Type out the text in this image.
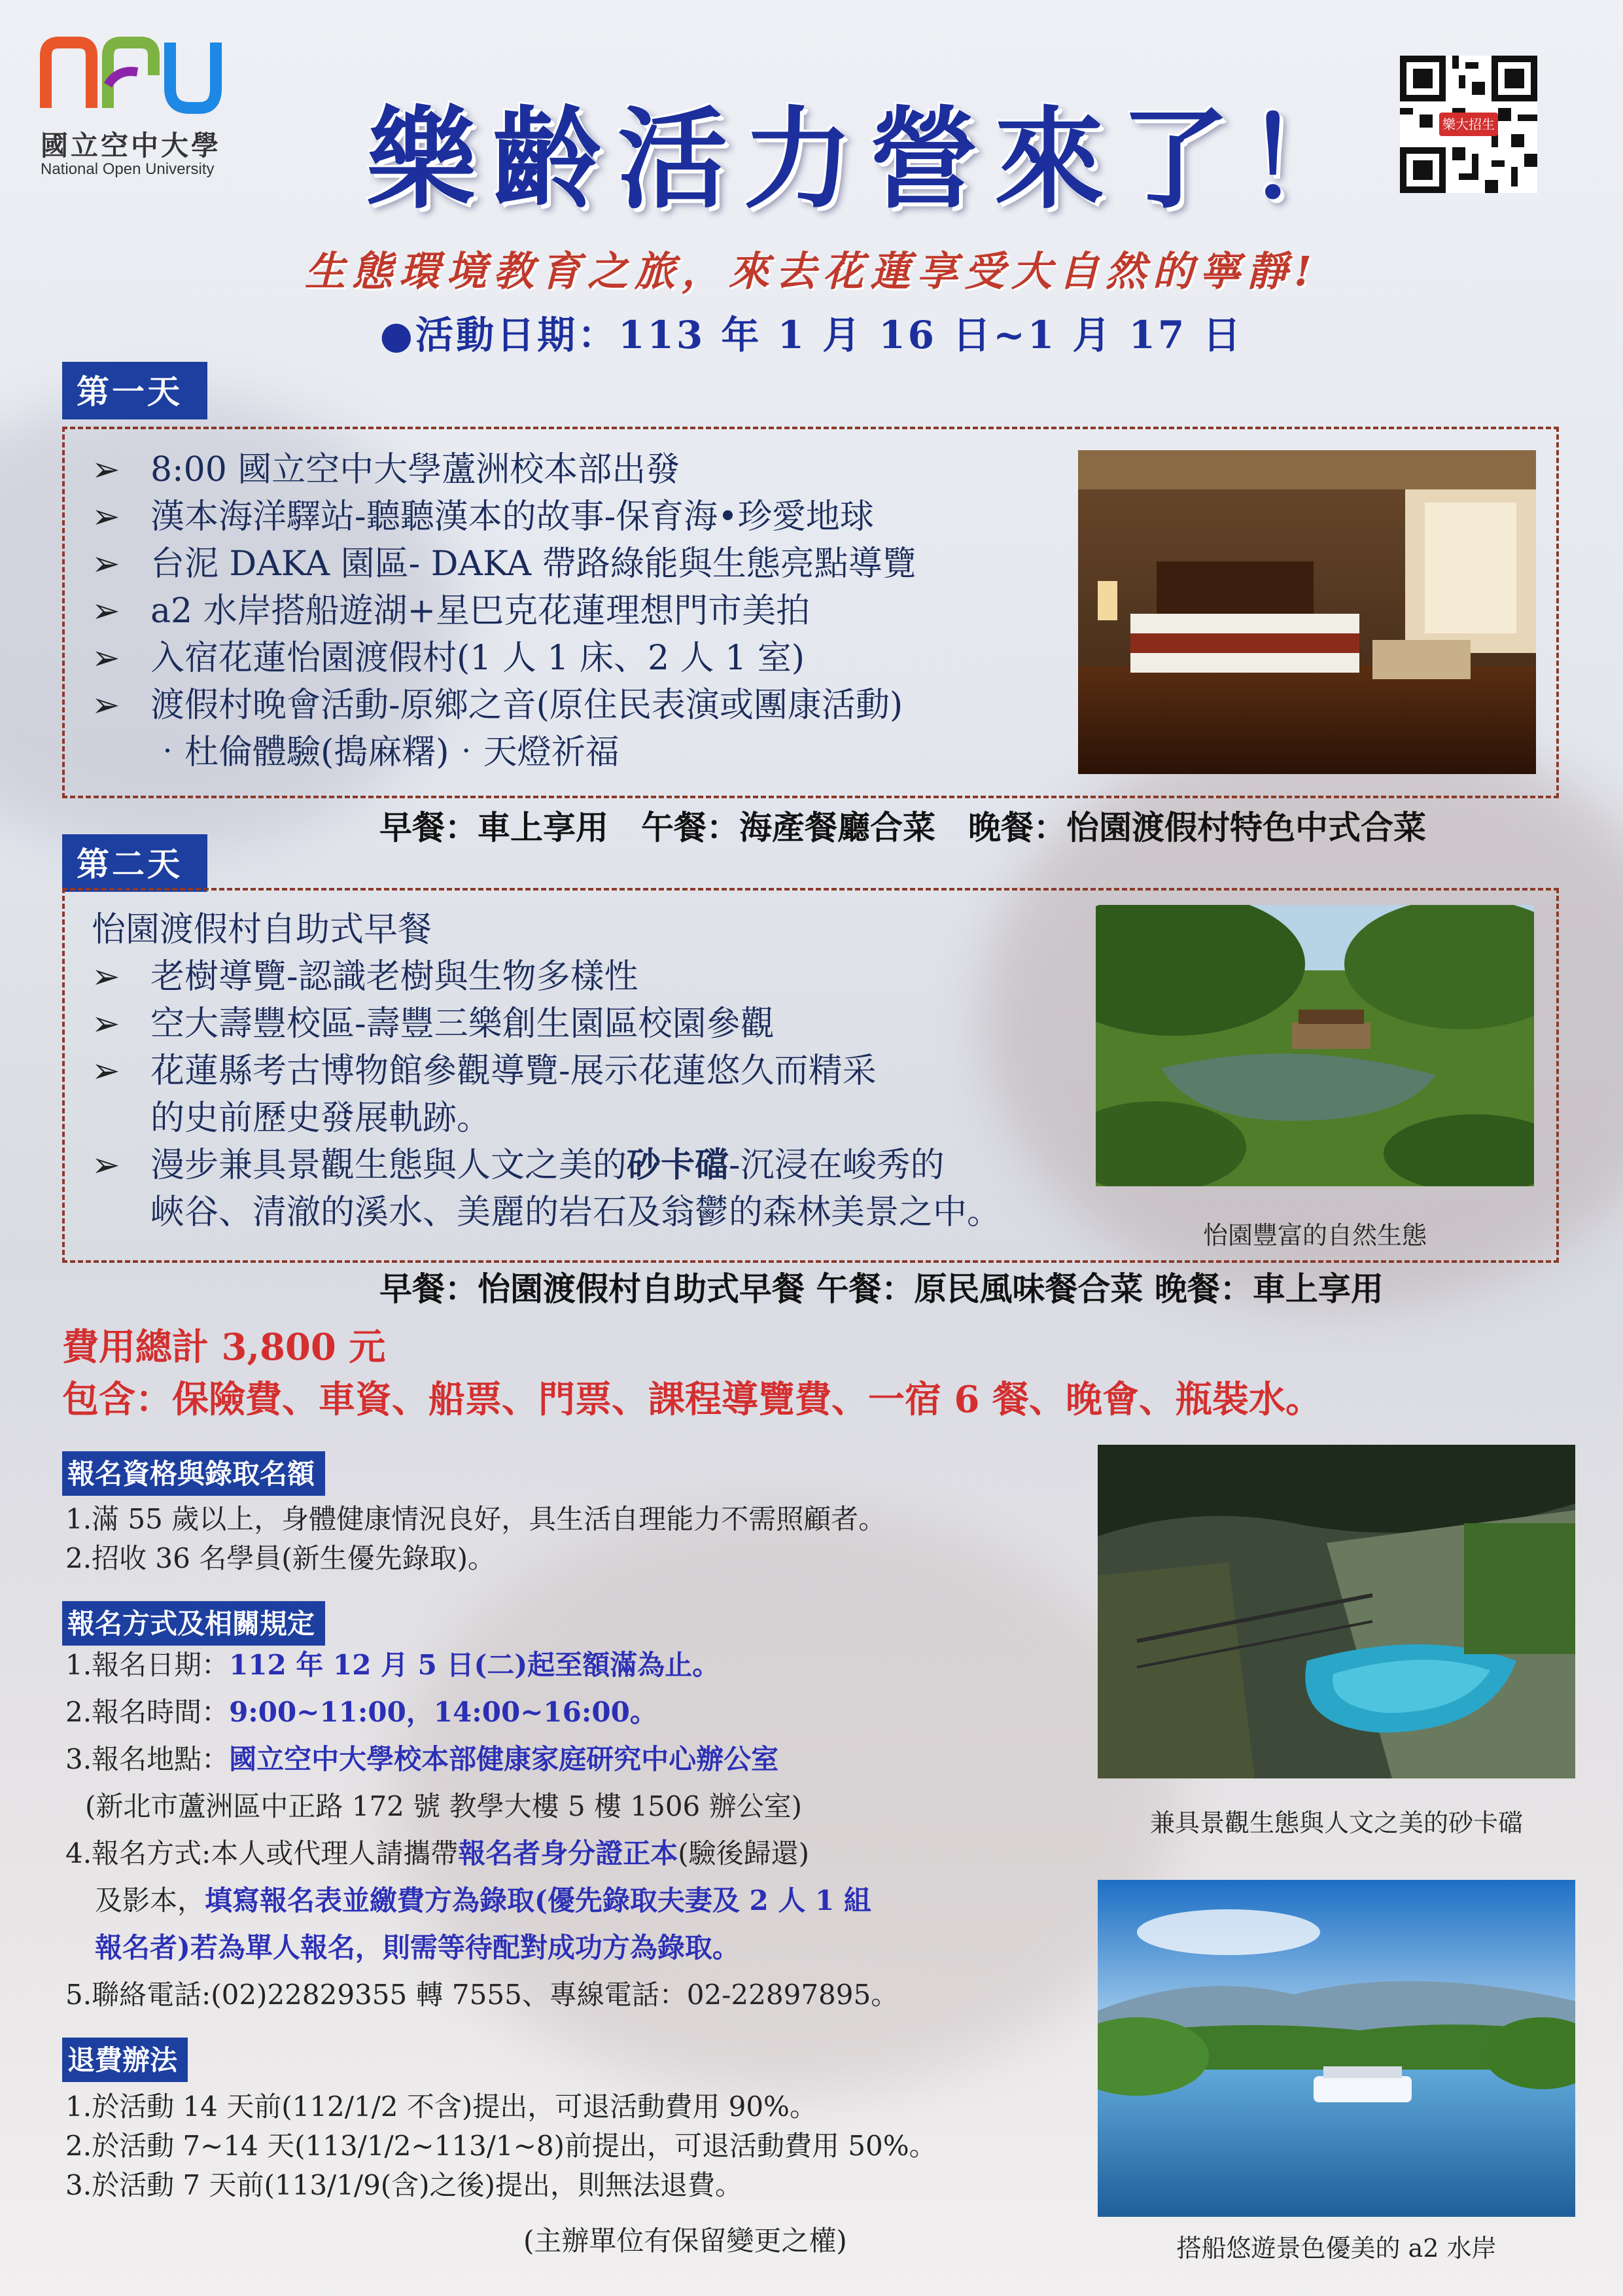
國立空中大學
National Open University 樂齡活力營來了！	樂大招生
生態環境教育之旅，來去花蓮享受大自然的寧靜!
●活動日期：113 年 1 月 16 日~1 月 17 日
第一天
➢ 8:00 國立空中大學蘆洲校本部出發
➢ 漢本海洋驛站-聽聽漢本的故事-保育海•珍愛地球
➢ 台泥 DAKA 園區- DAKA 帶路綠能與生態亮點導覽
➢ a2 水岸搭船遊湖+星巴克花蓮理想門市美拍
➢ 入宿花蓮怡園渡假村(1 人 1 床、2 人 1 室)
➢ 渡假村晚會活動-原鄉之音(原住民表演或團康活動)
‧杜倫體驗(搗麻糬)‧天燈祈福
早餐：車上享用　午餐：海產餐廳合菜　晚餐：怡園渡假村特色中式合菜
第二天
怡園渡假村自助式早餐
➢ 老樹導覽-認識老樹與生物多樣性
➢ 空大壽豐校區-壽豐三樂創生園區校園參觀
➢ 花蓮縣考古博物館參觀導覽-展示花蓮悠久而精采
的史前歷史發展軌跡。
➢ 漫步兼具景觀生態與人文之美的砂卡礑-沉浸在峻秀的
峽谷、清澈的溪水、美麗的岩石及翁鬱的森林美景之中。
怡園豐富的自然生態
早餐：怡園渡假村自助式早餐 午餐：原民風味餐合菜 晚餐：車上享用
費用總計 3,800 元
包含：保險費、車資、船票、門票、課程導覽費、一宿 6 餐、晚會、瓶裝水。
報名資格與錄取名額
1.滿 55 歲以上，身體健康情況良好，具生活自理能力不需照顧者。
2.招收 36 名學員(新生優先錄取)。
報名方式及相關規定
1.報名日期：112 年 12 月 5 日(二)起至額滿為止。
2.報名時間：9:00~11:00，14:00~16:00。
3.報名地點：國立空中大學校本部健康家庭研究中心辦公室
(新北市蘆洲區中正路 172 號 教學大樓 5 樓 1506 辦公室)
4.報名方式:本人或代理人請攜帶報名者身分證正本(驗後歸還)
及影本，填寫報名表並繳費方為錄取(優先錄取夫妻及 2 人 1 組
報名者)若為單人報名，則需等待配對成功方為錄取。
5.聯絡電話:(02)22829355 轉 7555、專線電話：02-22897895。
退費辦法
1.於活動 14 天前(112/1/2 不含)提出，可退活動費用 90%。
2.於活動 7~14 天(113/1/2~113/1~8)前提出，可退活動費用 50%。
3.於活動 7 天前(113/1/9(含)之後)提出，則無法退費。
(主辦單位有保留變更之權)
兼具景觀生態與人文之美的砂卡礑
搭船悠遊景色優美的 a2 水岸
